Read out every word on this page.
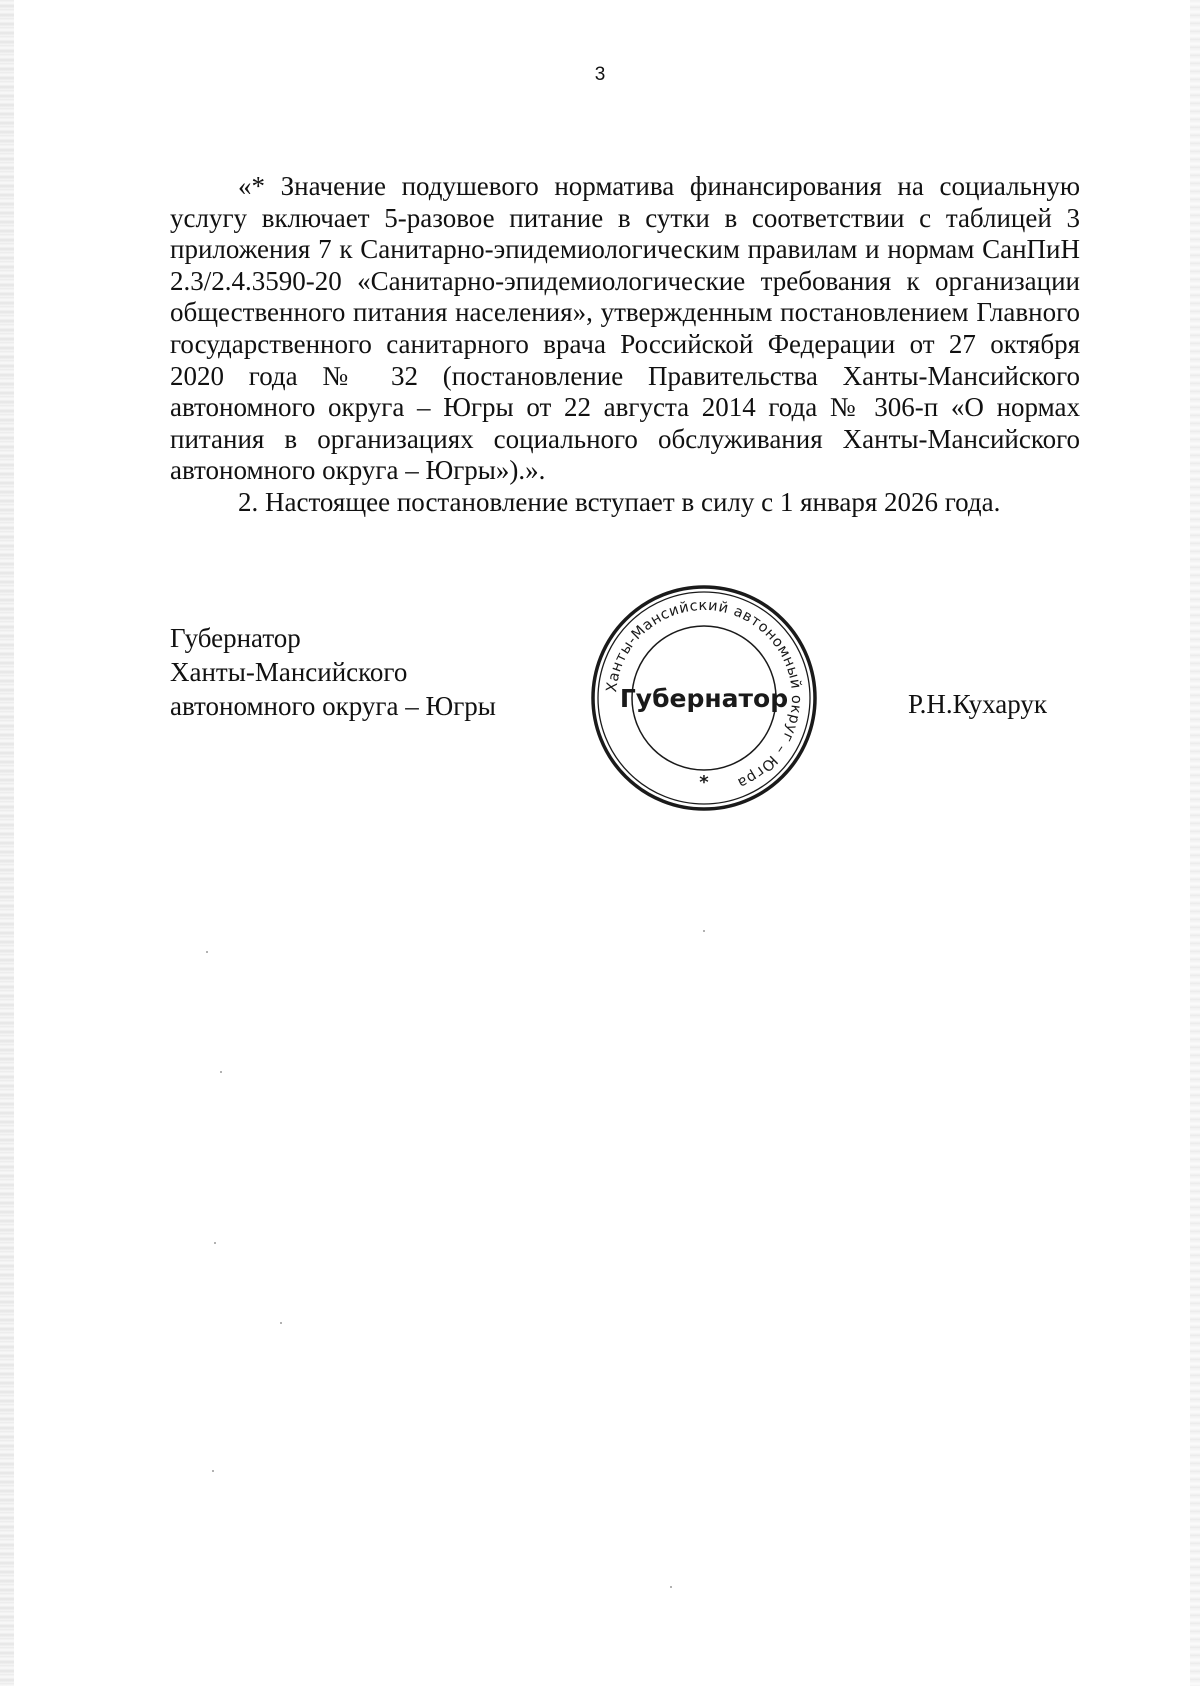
3

«* Значение подушевого норматива финансирования на социальную услугу включает 5-разовое питание в сутки в соответствии с таблицей 3 приложения 7 к Санитарно-эпидемиологическим правилам и нормам СанПиН 2.3/2.4.3590-20 «Санитарно-эпидемиологические требования к организации общественного питания населения», утвержденным постановлением Главного государственного санитарного врача Российской Федерации от 27 октября 2020 года № 32 (постановление Правительства Ханты-Мансийского автономного округа – Югры от 22 августа 2014 года № 306-п «О нормах питания в организациях социального обслуживания Ханты-Мансийского автономного округа – Югры»).».

2. Настоящее постановление вступает в силу с 1 января 2026 года.

Губернатор
Ханты-Мансийского
автономного округа – Югры
Ханты-Мансийский автономный округ – Югра
Губернатор
*
Р.Н.Кухарук
